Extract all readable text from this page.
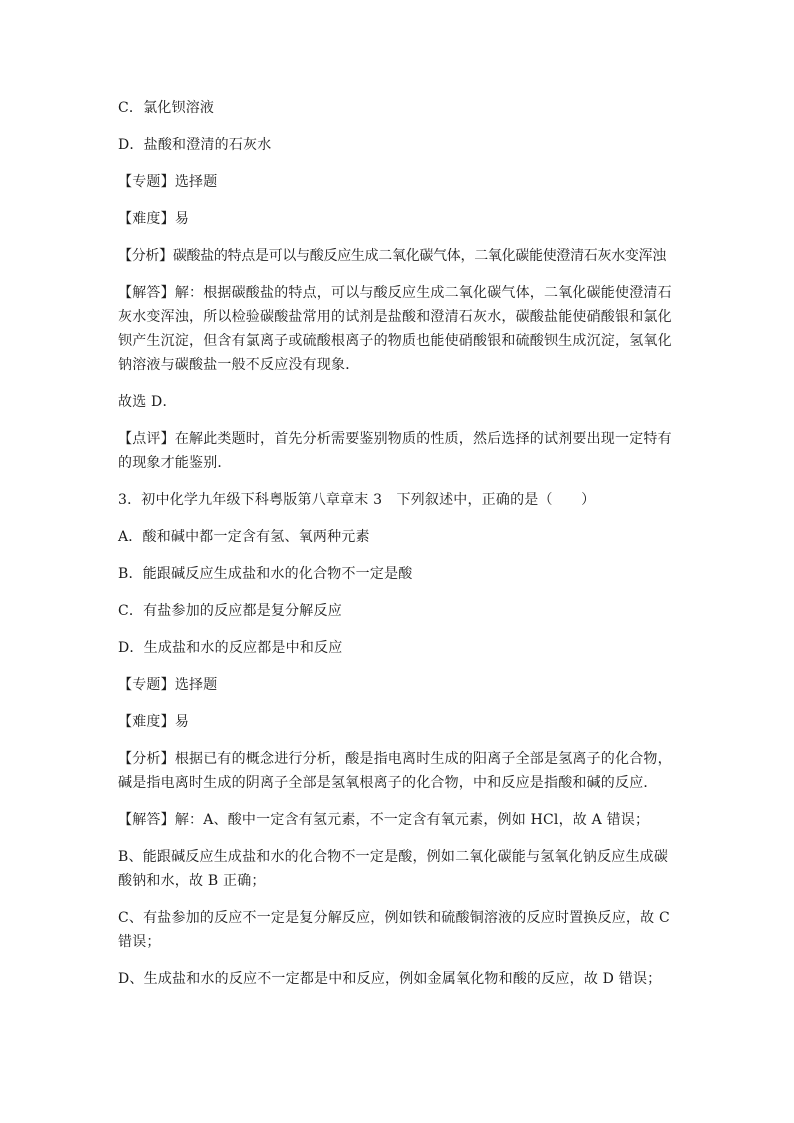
C．氯化钡溶液

D．盐酸和澄清的石灰水

【专题】选择题

【难度】易

【分析】碳酸盐的特点是可以与酸反应生成二氧化碳气体，二氧化碳能使澄清石灰水变浑浊

【解答】解：根据碳酸盐的特点，可以与酸反应生成二氧化碳气体，二氧化碳能使澄清石灰水变浑浊，所以检验碳酸盐常用的试剂是盐酸和澄清石灰水，碳酸盐能使硝酸银和氯化钡产生沉淀，但含有氯离子或硫酸根离子的物质也能使硝酸银和硫酸钡生成沉淀，氢氧化钠溶液与碳酸盐一般不反应没有现象．

故选 D．

【点评】在解此类题时，首先分析需要鉴别物质的性质，然后选择的试剂要出现一定特有的现象才能鉴别．

3．初中化学九年级下科粤版第八章章末 3　下列叙述中，正确的是（　　）

A．酸和碱中都一定含有氢、氧两种元素

B．能跟碱反应生成盐和水的化合物不一定是酸

C．有盐参加的反应都是复分解反应

D．生成盐和水的反应都是中和反应

【专题】选择题

【难度】易

【分析】根据已有的概念进行分析，酸是指电离时生成的阳离子全部是氢离子的化合物，碱是指电离时生成的阴离子全部是氢氧根离子的化合物，中和反应是指酸和碱的反应．

【解答】解：A、酸中一定含有氢元素，不一定含有氧元素，例如 HCl，故 A 错误；

B、能跟碱反应生成盐和水的化合物不一定是酸，例如二氧化碳能与氢氧化钠反应生成碳酸钠和水，故 B 正确；

C、有盐参加的反应不一定是复分解反应，例如铁和硫酸铜溶液的反应时置换反应，故 C 错误；

D、生成盐和水的反应不一定都是中和反应，例如金属氧化物和酸的反应，故 D 错误；
